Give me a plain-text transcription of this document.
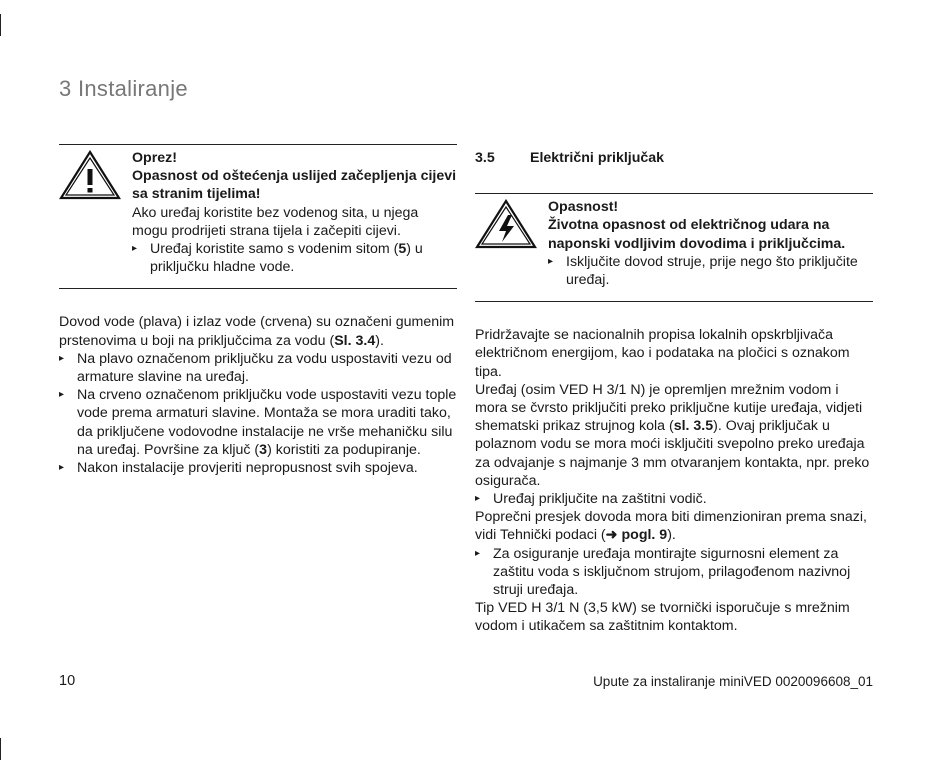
3 Instaliranje

Oprez!

Opasnost od oštećenja uslijed začepljenja cijevi sa stranim tijelima!

Ako uređaj koristite bez vodenog sita, u njega mogu prodrijeti strana tijela i začepiti cijevi.

▸ Uređaj koristite samo s vodenim sitom (5) u priključku hladne vode.

Dovod vode (plava) i izlaz vode (crvena) su označeni gumenim prstenovima u boji na priključcima za vodu (Sl. 3.4).

▸ Na plavo označenom priključku za vodu uspostaviti vezu od armature slavine na uređaj.
▸ Na crveno označenom priključku vode uspostaviti vezu tople vode prema armaturi slavine. Montaža se mora uraditi tako, da priključene vodovodne instalacije ne vrše mehaničku silu na uređaj. Površine za ključ (3) koristiti za podupiranje.
▸ Nakon instalacije provjeriti nepropusnost svih spojeva.
3.5	Električni priključak

Opasnost!

Životna opasnost od električnog udara na naponski vodljivim dovodima i priključcima.

▸ Isključite dovod struje, prije nego što priključite uređaj.

Pridržavajte se nacionalnih propisa lokalnih opskrbljivača električnom energijom, kao i podataka na pločici s oznakom tipa.

Uređaj (osim VED H 3/1 N) je opremljen mrežnim vodom i mora se čvrsto priključiti preko priključne kutije uređaja, vidjeti shematski prikaz strujnog kola (sl. 3.5). Ovaj priključak u polaznom vodu se mora moći isključiti svepolno preko uređaja za odvajanje s najmanje 3 mm otvaranjem kontakta, npr. preko osigurača.

▸ Uređaj priključite na zaštitni vodič.

Poprečni presjek dovoda mora biti dimenzioniran prema snazi, vidi Tehnički podaci (➜ pogl. 9).

▸ Za osiguranje uređaja montirajte sigurnosni element za zaštitu voda s isključnom strujom, prilagođenom nazivnoj struji uređaja.

Tip VED H 3/1 N (3,5 kW) se tvornički isporučuje s mrežnim vodom i utikačem sa zaštitnim kontaktom.

10	Upute za instaliranje miniVED 0020096608_01
